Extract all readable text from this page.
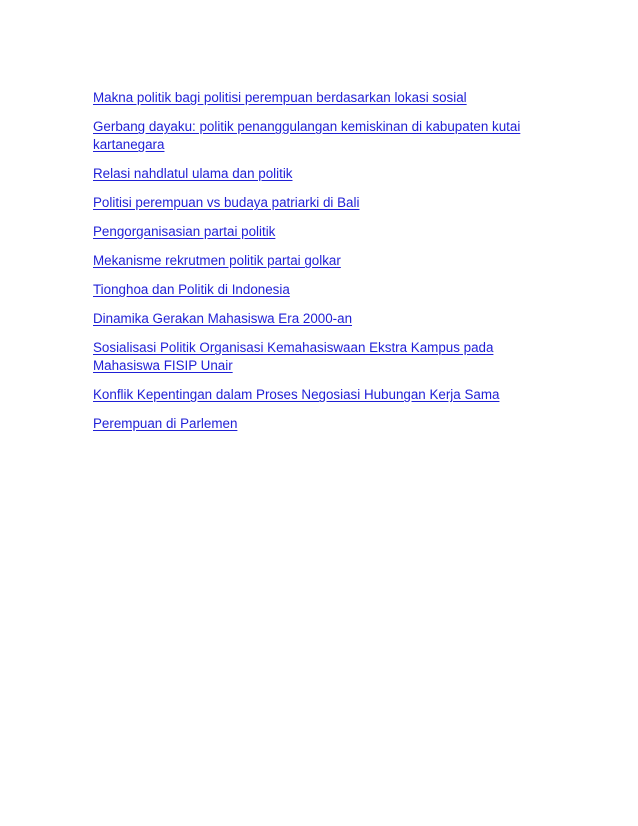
Makna politik bagi politisi perempuan berdasarkan lokasi sosial
Gerbang dayaku: politik penanggulangan kemiskinan di kabupaten kutai kartanegara
Relasi nahdlatul ulama dan politik
Politisi perempuan vs budaya patriarki di Bali
Pengorganisasian partai politik
Mekanisme rekrutmen politik partai golkar
Tionghoa dan Politik di Indonesia
Dinamika Gerakan Mahasiswa Era 2000-an
Sosialisasi Politik Organisasi Kemahasiswaan Ekstra Kampus pada Mahasiswa FISIP Unair
Konflik Kepentingan dalam Proses Negosiasi Hubungan Kerja Sama
Perempuan di Parlemen
